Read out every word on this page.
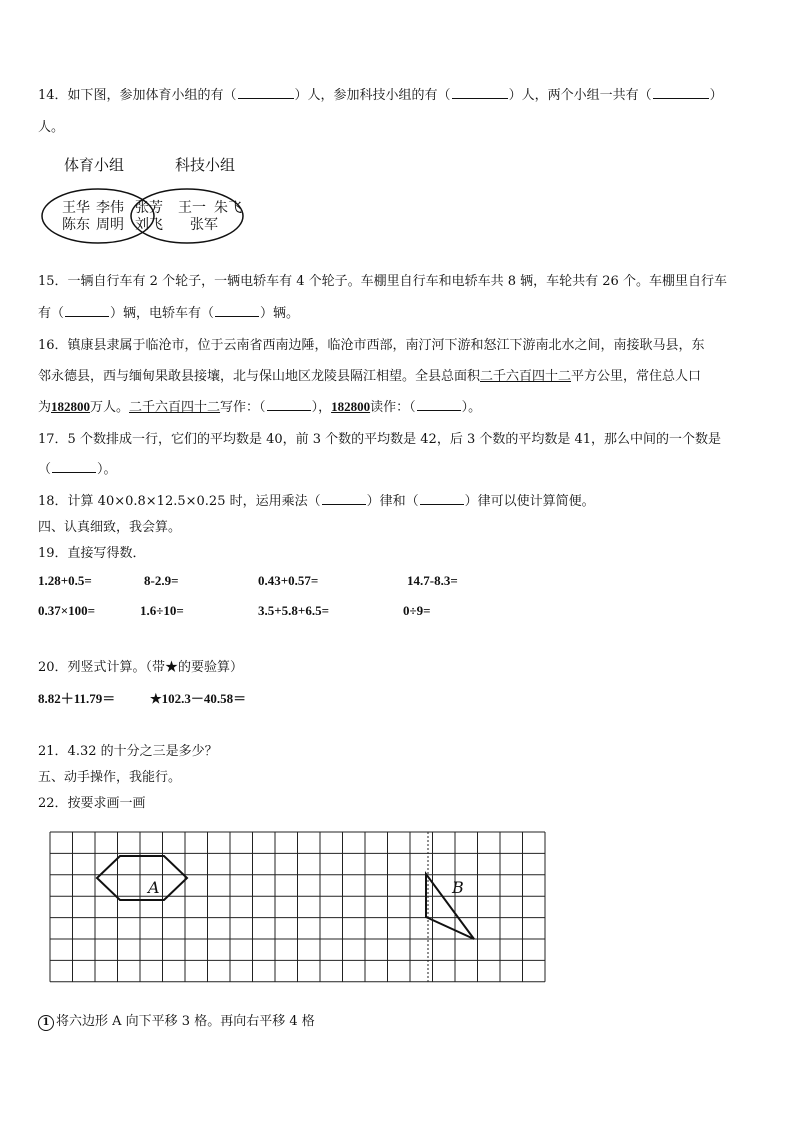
14．如下图，参加体育小组的有（	）人，参加科技小组的有（	）人，两个小组一共有（	）
人。
体育小组	科技小组
王华 李伟
陈东 周明
张芳
刘飞
王一 朱飞
张军
15．一辆自行车有 2 个轮子，一辆电轿车有 4 个轮子。车棚里自行车和电轿车共 8 辆，车轮共有 26 个。车棚里自行车
有（	）辆，电轿车有（	）辆。
16．镇康县隶属于临沧市，位于云南省西南边陲，临沧市西部，南汀河下游和怒江下游南北水之间，南接耿马县，东
邻永德县，西与缅甸果敢县接壤，北与保山地区龙陵县隔江相望。全县总面积二千六百四十二平方公里，常住总人口
为182800万人。二千六百四十二写作：（	），182800读作：（	）。
17．5 个数排成一行，它们的平均数是 40，前 3 个数的平均数是 42，后 3 个数的平均数是 41，那么中间的一个数是
（	）。
18．计算 40×0.8×12.5×0.25 时，运用乘法（	）律和（	）律可以使计算简便。
四、认真细致，我会算。
19．直接写得数．
1.28+0.5=	8-2.9=	0.43+0.57=	14.7-8.3=
0.37×100=	1.6÷10=	3.5+5.8+6.5=	0÷9=
20．列竖式计算。（带★的要验算）
8.82＋11.79＝	★102.3－40.58＝
21．4.32 的十分之三是多少？
五、动手操作，我能行。
22．按要求画一画
A	B
1 将六边形 A 向下平移 3 格。再向右平移 4 格
